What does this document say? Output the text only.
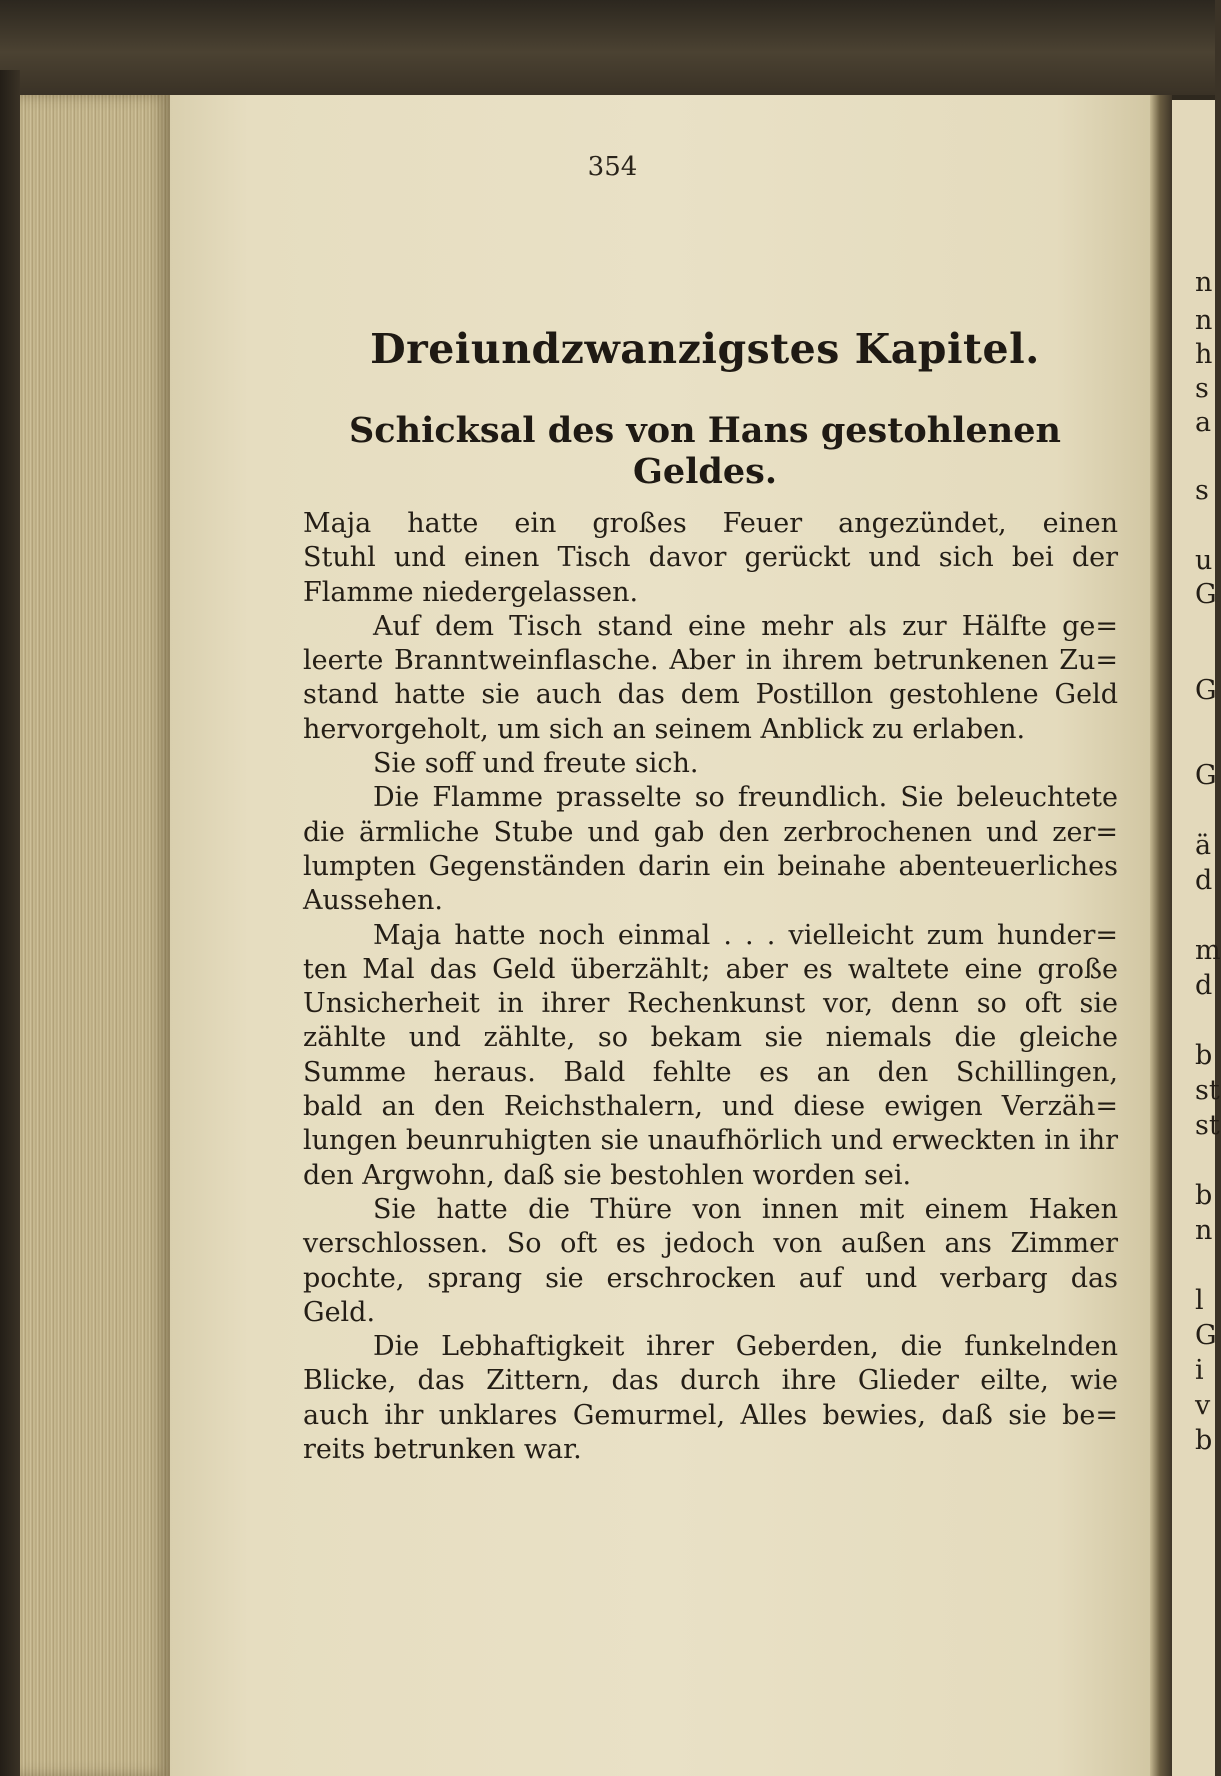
354
Dreiundzwanzigstes Kapitel.
Schicksal des von Hans gestohlenen Geldes.
Maja hatte ein großes Feuer angezündet, einen
Stuhl und einen Tisch davor gerückt und sich bei der
Flamme niedergelassen.
Auf dem Tisch stand eine mehr als zur Hälfte ge=
leerte Branntweinflasche. Aber in ihrem betrunkenen Zu=
stand hatte sie auch das dem Postillon gestohlene Geld
hervorgeholt, um sich an seinem Anblick zu erlaben.
Sie soff und freute sich.
Die Flamme prasselte so freundlich. Sie beleuchtete
die ärmliche Stube und gab den zerbrochenen und zer=
lumpten Gegenständen darin ein beinahe abenteuerliches
Aussehen.
Maja hatte noch einmal . . . vielleicht zum hunder=
ten Mal das Geld überzählt; aber es waltete eine große
Unsicherheit in ihrer Rechenkunst vor, denn so oft sie
zählte und zählte, so bekam sie niemals die gleiche
Summe heraus. Bald fehlte es an den Schillingen,
bald an den Reichsthalern, und diese ewigen Verzäh=
lungen beunruhigten sie unaufhörlich und erweckten in ihr
den Argwohn, daß sie bestohlen worden sei.
Sie hatte die Thüre von innen mit einem Haken
verschlossen. So oft es jedoch von außen ans Zimmer
pochte, sprang sie erschrocken auf und verbarg das
Geld.
Die Lebhaftigkeit ihrer Geberden, die funkelnden
Blicke, das Zittern, das durch ihre Glieder eilte, wie
auch ihr unklares Gemurmel, Alles bewies, daß sie be=
reits betrunken war.
n
n
h
s
a
s
u
G
G
G
ä
d
m
d
b
st
st
b
n
l
G
i
v
b
